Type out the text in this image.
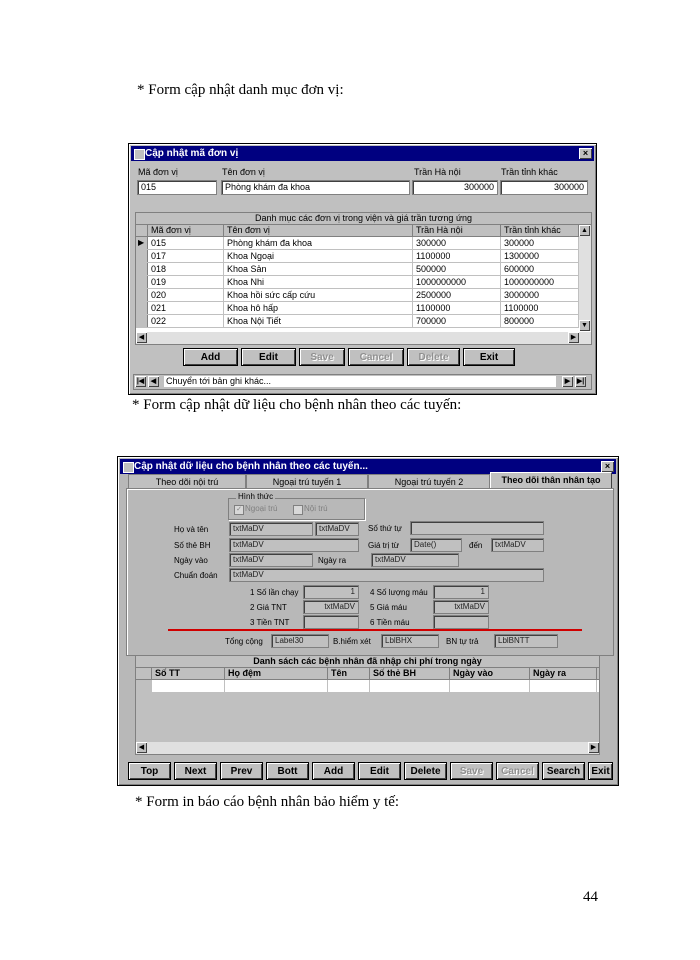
* Form cập nhật danh mục đơn vị:
* Form cập nhật dữ liệu cho bệnh nhân theo các tuyến:
* Form in báo cáo bệnh nhân bảo hiểm y tế:
44
Cập nhật mã đơn vị	×
Mã đơn vị	Tên đơn vị	Trần Hà nội	Trần tỉnh khác
015	Phòng khám đa khoa	300000	300000
Danh mục các đơn vị trong viện và giá trần tương ứng
Mã đơn vị	Tên đơn vị	Trần Hà nội	Trần tỉnh khác
▶ 015	Phòng khám đa khoa	300000	300000
017	Khoa Ngoại	1100000	1300000
018	Khoa Sản	500000	600000
019	Khoa Nhi	1000000000	1000000000
020	Khoa hồi sức cấp cứu	2500000	3000000
021	Khoa hô hấp	1100000	1100000
022	Khoa Nội Tiết	700000	800000
▲
▼
◀	▶
Add	Edit	Save	Cancel	Delete	Exit
|◀ ◀	Chuyển tới bản ghi khác...	▶ ▶|
Cập nhật dữ liệu cho bệnh nhân theo các tuyến...	×
Theo dõi nội trú	Ngoại trú tuyến 1	Ngoại trú tuyến 2	Theo dõi thân nhân tạo
Hình thức
✓ Ngoại trú	Nội trú
Họ và tên	txtMaDV	txtMaDV	Số thứ tự
Số thẻ BH	txtMaDV	Giá trị từ	Date()	đến	txtMaDV
Ngày vào	txtMaDV	Ngày ra	txtMaDV
Chuẩn đoán	txtMaDV
1 Số lần chạy	1	4 Số lượng máu	1
2 Giá TNT	txtMaDV	5 Giá máu	txtMaDV
3 Tiền TNT	6 Tiền máu
Tổng cộng	Label30	B.hiểm xét	LblBHX	BN tự trả	LblBNTT
Danh sách các bệnh nhân đã nhập chi phí trong ngày
Số TT	Họ đệm	Tên	Số thẻ BH	Ngày vào	Ngày ra
◀	▶
Top	Next	Prev	Bott	Add	Edit	Delete	Save	Cancel	Search	Exit
